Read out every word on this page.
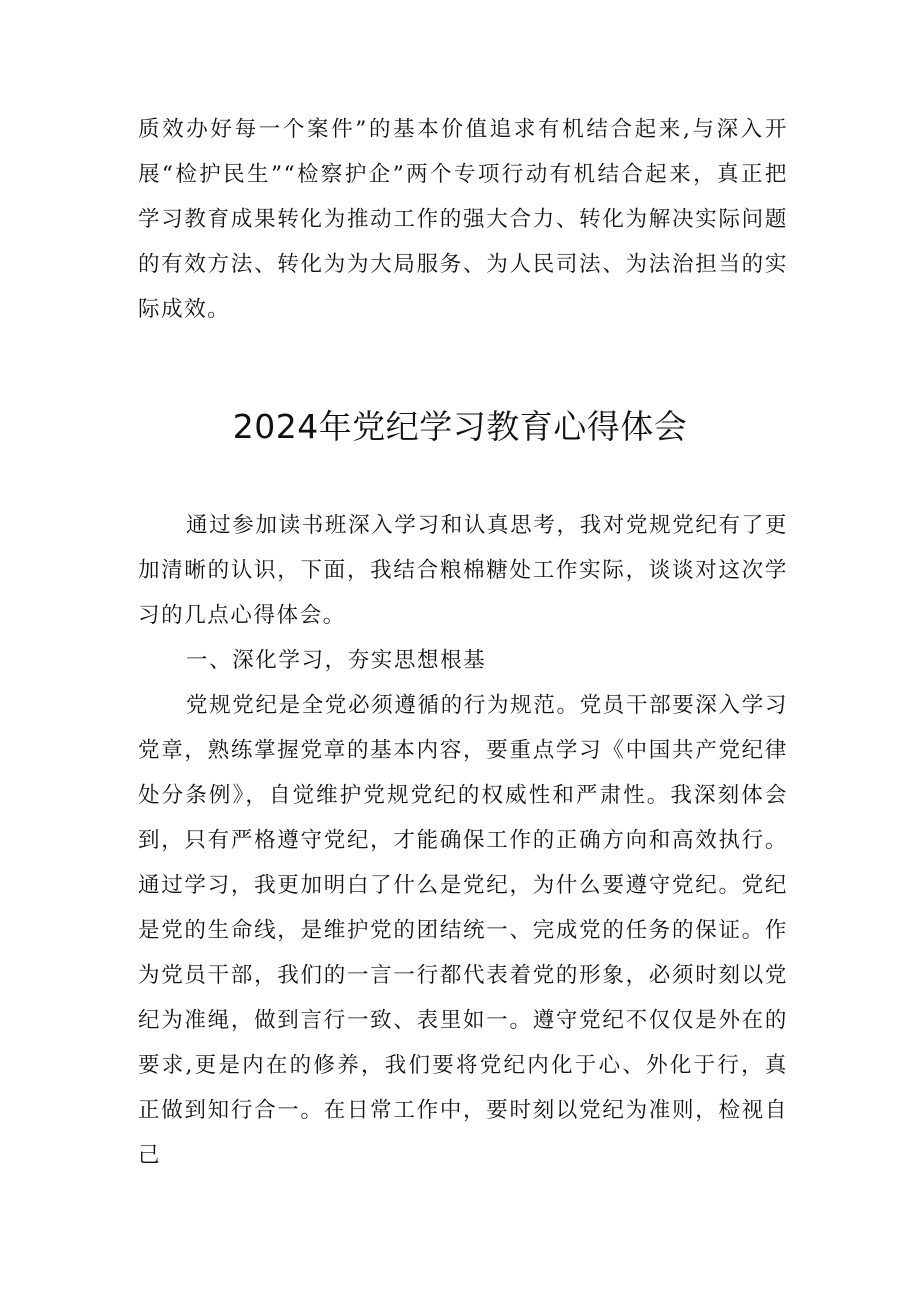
质效办好每一个案件”的基本价值追求有机结合起来,与深入开展“检护民生”“检察护企”两个专项行动有机结合起来，真正把学习教育成果转化为推动工作的强大合力、转化为解决实际问题的有效方法、转化为为大局服务、为人民司法、为法治担当的实际成效。

2024年党纪学习教育心得体会

通过参加读书班深入学习和认真思考，我对党规党纪有了更加清晰的认识，下面，我结合粮棉糖处工作实际，谈谈对这次学习的几点心得体会。

一、深化学习，夯实思想根基

党规党纪是全党必须遵循的行为规范。党员干部要深入学习党章，熟练掌握党章的基本内容，要重点学习《中国共产党纪律处分条例》，自觉维护党规党纪的权威性和严肃性。我深刻体会到，只有严格遵守党纪，才能确保工作的正确方向和高效执行。通过学习，我更加明白了什么是党纪，为什么要遵守党纪。党纪是党的生命线，是维护党的团结统一、完成党的任务的保证。作为党员干部，我们的一言一行都代表着党的形象，必须时刻以党纪为准绳，做到言行一致、表里如一。遵守党纪不仅仅是外在的要求,更是内在的修养，我们要将党纪内化于心、外化于行，真正做到知行合一。在日常工作中，要时刻以党纪为准则，检视自己
